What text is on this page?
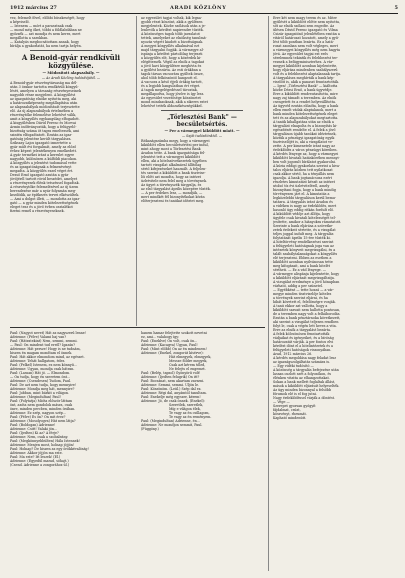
1912 március 27	ARADI KÖZLÖNY	5
vez, felemelt fővel, előbbi büszkeségét, hogy
a képviselő.
— Istenem — mórt a parasztnak csak
— mond még őket, többi a földlabdában ne
győzzék — azt mondja és nem keres, mert
megállotta a sarokban.
— Katalyás megbocsátottam annak, hogy
bírálja a gyakorlatát, ha nem tartja helyén.
A Benoid-gyár rendkívüli közgyűlése.
— Mödosított alapszabály. —
— Az Aradi Közlöny tudósítójától. —
A Benoid-gyár részvénytársaság ma dél-
után 3 órakor tartotta rendkívüli közgyű-
lését, amelyen a társaság részvényeseinek
nagyobb része megjelent. A közgyűlést
az igazgatóság elnöke nyitotta meg, aki
a határozatképesség megállapítása után
az alapszabályok módosítását terjesztette
elő. Az új alapszabályok értelmében a
részvénytőke felemelése lehetővé válik,
amit a közgyűlés egyhangúlag elfogadott.
A kisgyűlésben Dávid Ferenc és Morvai
Ármin indítványozták, hogy a felügyelő-
bizottság száma öt tagra emeltessék, ami
szintén elfogadtatott. Ezután az igaz-
gatóság jelentése került tárgyalásra.
Szikszay Lajos igazgató ismertette a
gyár múlt évi forgalmát, amely az előző
évhez képest jelentékenyen emelkedett.
A gyár termékei iránt a kereslet egyre
nagyobb, különösen a külföldi piacokon.
A közgyűlés a jelentést tudomásul vette
és az igazgatóságnak a felmentvényt
megadta. A közgyűlés ezzel véget ért.
Dezső Ernő igazgató azután a gyár
jövőjéről tartott rövid beszédet, amelyet
a részvényesek élénk tetszéssel fogadtak.
A részvénytőke felemelésével az új üzem
berendezése már a nyár folyamán meg-
kezdődik, az építkezés tervei elkészültek.
— Ami a dolgot illeti, — mondotta az igaz-
gató — a gyár minden kötelezettségének
eleget tesz és a jövő évben osztalékot
fizetni remél a részvényeseknek.
az egyesület tagjai voltak, kik legna-
gyobb részt köszönt, akik a gyűlésen
megjelentek. Közbe szólások után a je-
lenlevők a kérdést napirendre tűzték.
A közönséges tagok több javaslatot
tettek, amelyeket az elnökség tanulmá-
nyozás végett kiadott a bizottságnak.
A megyei közgyűlés alkalmával ezt
majd tárgyalni fogják. A vármegye al-
ispánja a kérdést pártolólag terjeszti
a közgyűlés elé, hogy a közérdek ki-
elégíttessék. Végül az elnök a tagokat
a jövő havi közgyűlésre meghívta és
a gyűlést bezárta. Az esti órákban a
tagok társas vacsorára gyűltek össze,
ahol több felköszöntő hangzott el.
A vacsora a késő éjjeli órákig tartott,
és a legjobb hangulatban ért véget.
A tagok megelégedéssel távoztak,
megállapodva, hogy jövőre is így lesz.
Az egyesület vezetősége köszönetet
mond mindazoknak, akik a sikeres estet
lehetővé tették áldozatkészségükkel.
„Törlesztési Bank" — becsületsértés.
— Per a vármegyei kiküldött miatt. —
— Saját tudósítónktól. —
Ritkaságszámba megy, hogy a vármegyei
kiküldött ellen becsületsértési per indul,
mint ahogy most a Törlesztési Bank
Aradon tette. A bank igazgatósága fel-
jelentést tett a vármegyei kiküldött
ellen, aki a hitelszövetkezetek ügyében
tartott vizsgálat alkalmával állítólag
sértő kifejezéseket használt. A feljelen-
tés szerint a kiküldött a bank tisztvise-
lői előtt azt mondta, hogy az intézet
üzletvitele nem felel meg a törvénynek.
Az ügyet a törvényszék tárgyalja, és
az első tárgyalást április közepére tűzték.
— A per érdekes lesz, — mondják, —
mert mindkét fél bizonyítékokat kíván
előterjeszteni és tanúkat idéztet meg.
Erre két nem magy terem és az. Miter
gyűlését a kiküldött előtte nem nyitotta,
sőt az elnök szólani sem engedte. Az
ülésen Dávid Ferenc igazgató és Vilma
Csizár igazgatónő jelenlétében ezután a
vitáról határozat hozatott, amely a gyű-
lést több pontban lezárta. Ez a hatá-
rozat azonban nem volt végleges, mert
a vármegyei közgyűlés még nem hagyta
jóvá. Az egyesület tagjai ezt erős
sérelemnek tekintik és felebbezést ter-
veznek a belügyminiszterhez. A vár-
megyei kiküldött azonban kijelentette,
hogy eljárása mindenben szabályszerű
volt és a felebbezést alaptalannak tartja.
A tárgyalásra meghívták a bank kép-
viselőit is, akik a panaszt fenntartották.
— Igen! „Törlesztési Bank" — kiáltotta
közbe Dézsi Ernő, a bank ügyvédje.
Erre a kiküldött rendreutasította, mire
nagy zaj támadt a teremben. Az elnök
csengetett és a rendet helyreállította.
Az ügyvéd ezután előadta, hogy a bank
ellen emelt vádak alaptalanok, mert a
bank minden kötelezettségének eleget
tett és az alapszabályokat megtartotta.
A tanúk kihallgatása után az elnök a
tárgyalást elnapolta és a bizonyítás ki-
egészítését rendelte el. A felek a jövő
tárgyaláson újabb tanúkat idéztetnek,
köztük a pénzügyi igazgatóság egyik
tisztviselőjét is, aki a vizsgálatot ve-
zette. A per kimenetele iránt nagy az
érdeklődés a város pénzügyi köreiben.
A kérdés lényege az, hogy a vármegyei
kiküldött hivatali hatáskörében mennyi-
ben volt jogosult bírálatot gyakorolni.
A kúria eddigi gyakorlata szerint a hiva-
talos eljárás közben tett nyilatkozat
csak akkor sértő, ha a tényállás nem
igazolja. A bank jogtanácsosa ezért
részletes kimutatást készít az intézet
utolsó tíz évi üzletviteléről, amely
bizonyítani fogja, hogy a bank mindig
törvényesen járt el. A kimutatás a
legközelebbi tárgyaláson kerül bemu-
tatásra. A tárgyalás iránt Aradon és
a vidéken is nagy az érdeklődés, mert
hasonló ügy eddig ritkán fordult elő.
A kiküldött védője azt állítja, hogy
ügyfele csak hivatali kötelességét tel-
jesítette, amikor a hiányokra rámutatott.
Szerinte a bank eljárása a szövetke-
zetek érdekeit sértette, és a vizsgálat
teljes joggal indult meg. A tárgyalás
folytatását április 15-ére tűzték ki.
A hiteltörvény rendelkezései szerint
a felügyeleti hatóságnak joga van az
intézetek könyveit megvizsgálni, és a
talált szabálytalanságokat a közgyűlés
elé terjeszteni. Ebben az esetben a
kiküldött azonban nyilvánosan tette
meg kifogásait, ami a bank hitelét
sértheti. — Ez a vád lényege. —
A vármegye alispánja kijelentette, hogy
a kiküldött eljárását megvizsgáltatja.
A vizsgálat eredménye a jövő hónapban
várható, addig a per szünetel.
— Egyébként — tette hozzá — a vár-
megye minden tisztviselője köteles
a törvények szerint eljárni, és ha
hibát követett el, felelősségre vonják.
A tanú ekkor azt vallotta, hogy a
kiküldött szavait nem hallotta pontosan,
de a teremben nagy volt a felháborodás.
Ezután a bank pénztárnoka következett,
aki szerint a vizsgálat teljesen rendben
folyt le, csak a végén lett heves a vita.
Erre az elnök a tárgyalást bezárta.
A felek kölcsönösen fenntartották
vádjaikat és igényeiket, és a bíróság
határozatát várják. A per fontos elvi
kérdést dönt el a hitelintézetek és a
felügyeleti hatóságok viszonyában.
Arad, 1912 március 26.
A kérdés megoldása nagy feladat lesz
az igazságszolgáltatás számára is.
— Egy vidéki tudósító —
A közönség a tárgyalás befejezése után
lassan oszlott szét a folyosókon, és
élénken vitatta az elhangzottakat.
Sokan a bank mellett foglaltak állást,
mások a kiküldött eljárását helyeselték.
Az ügy minden bizonnyal a felsőbb
fórumok elé is el fog jutni.
Nagy érdeklődéssel várják a döntést.
— Vége —
Szerepet gyorsan gyógyít
fájdalmat, csúzt,
köszvényt, rheumát.
Kapható mindenütt.
Paul: (Nagyot nevet) Hát az nagyszerű lenne!
Adrienne: (Félve) Valami baj van?
Paul: (Hátratekint) Nem, semmi, semmi.
— Paul: Ön mindent tud erről? Igazán?
Adrienne: Hát persze! Hogy is ne tudnám,
hiszen én magam mondtam el önnek.
Paul: Hát akkor elmondom mind, az egészet.
Adrienne: Tehát hallgatom, édes.
Paul: (Felkel) Istenem, ez nem könnyű...
Adrienne: Ugyan, mondja csak bátran.
Paul: (Lassan) Hát jó. — Elmondom.
— Ön tudja, hogy én szeretem önt...
Adrienne: (Csendesen) Tudom, Paul.
Paul: De azt nem tudja, hogy mennyire!
Adrienne: Mondja meg hát, mennyire?
Paul: Jobban, mint bárkit a világon.
Adrienne: (Megindultan) Paul!
Paul: (Folytatja) Mióta először láttam
önt, azóta nem gondolok másra, csak
önre, minden percben, minden órában.
Adrienne: Ez szép, nagyon szép...
Paul: (Félve) És ön? Ön mit érez?
Adrienne: (Mosolyogva) Hát nem látja?
Paul: (Boldogan) Adrienne!
Adrienne: Csitt! Valaki jön...
Paul: (Ijedten) Ki az? A férje?
Adrienne: Nem, csak a szobaleány.
Paul: (Megkönnyebbülten) Hála Istennek!
Adrienne: Menjen most, holnap jöjjön!
Paul: Holnap? De hiszen az egy örökkévalóság!
Adrienne: Akkor jöjjön ma este.
Paul: Ma este? Itt leszek! (El.)
Adrienne: (Egyedül marad, sóhajt.)
(Csend. Adrienne a zongorához ül.)
hanem hamar felejtette szokott nevetni
ez, ami... valahogy így:
Paul: (Éneklve) Ön volt, csak ön...
Adrienne: (Kacagva) Ugyan, Paul!
Paul: (Mint előbb) Ön az én mindenem!
Adrienne: (Énekel, zongorát kísérve):
Hát elmegyek, elmegyek,
Messze földre megyek,
Csak azt kérem tőled,
Ne felejts el engemet.
Paul: (Belép, tapsol) Gyönyörű volt!
Adrienne: (Ijedten felugrik) Ön itt?
Paul: Bocsánat, nem akartam zavarni.
Adrienne: Semmi, semmi. Üljön le.
Paul: Köszönöm. (Leül.) Szép dal ez.
Adrienne: Régi dal, anyámtól tanultam.
Paul: Énekelje még egyszer, kérem!
Adrienne: Jó, de csak önnek. (Énekel):
Szeretlek, szeretlek,
Míg e világon élek,
Te vagy az én csillagom,
Te vagy az én reményem.
Paul: (Megindultan) Adrienne, én...
Adrienne: Ne mondjon semmit, Paul.
(Függöny.)
